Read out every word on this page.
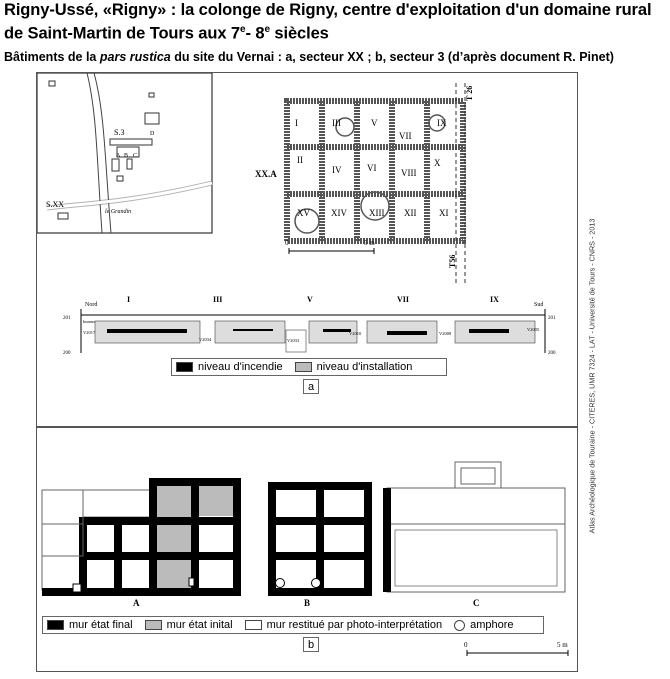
Rigny-Ussé, «Rigny» : la colonge de Rigny, centre d'exploitation d'un domaine rural
de Saint-Martin de Tours aux 7e- 8e siècles
Bâtiments de la pars rustica du site du Vernai : a, secteur XX ; b, secteur 3 (d’après document R. Pinet)
Atlas Archéologique de Touraine - CITERES, UMR 7324 - LAT - Université de Tours - CNRS - 2013
S.3
A B C
D
S.XX
le Grandin
I	III	V	IX
II
IV	VI	VIII
XV XIV XIII XII	XI
X
VII
XX.A
T 26
T56
0	5 m
Nord	Sud
I	III	V	VII	IX
201
200
201
200
humus
V2017
V2034	V2033
V2010	V2008
V2005
niveau d'incendie	niveau d'installation
a
A	B	C
0	5 m
mur état final	mur état inital	mur restitué par photo-interprétation	amphore
b
